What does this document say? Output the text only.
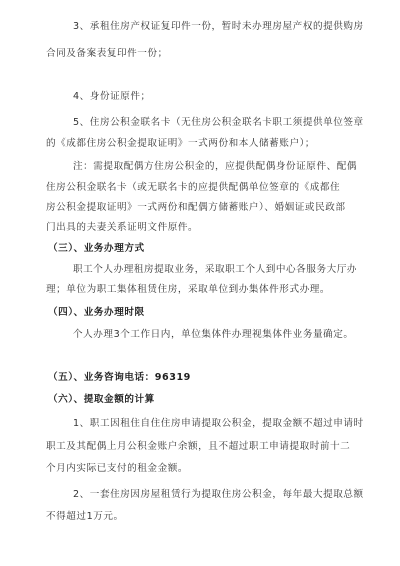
3、承租住房产权证复印件一份，暂时未办理房屋产权的提供购房
合同及备案表复印件一份；
4、身份证原件；
5、住房公积金联名卡（无住房公积金联名卡职工须提供单位签章
的《成都住房公积金提取证明》一式两份和本人储蓄账户）；
注：需提取配偶方住房公积金的，应提供配偶身份证原件、配偶
住房公积金联名卡（或无联名卡的应提供配偶单位签章的《成都住
房公积金提取证明》一式两份和配偶方储蓄账户）、婚姻证或民政部
门出具的夫妻关系证明文件原件。
（三）、业务办理方式
职工个人办理租房提取业务，采取职工个人到中心各服务大厅办
理；单位为职工集体租赁住房，采取单位到办集体件形式办理。
（四）、业务办理时限
个人办理3个工作日内，单位集体件办理视集体件业务量确定。
（五）、业务咨询电话：96319
（六）、提取金额的计算
1、职工因租住自住住房申请提取公积金，提取金额不超过申请时
职工及其配偶上月公积金账户余额，且不超过职工申请提取时前十二
个月内实际已支付的租金金额。
2、一套住房因房屋租赁行为提取住房公积金，每年最大提取总额
不得超过1万元。
